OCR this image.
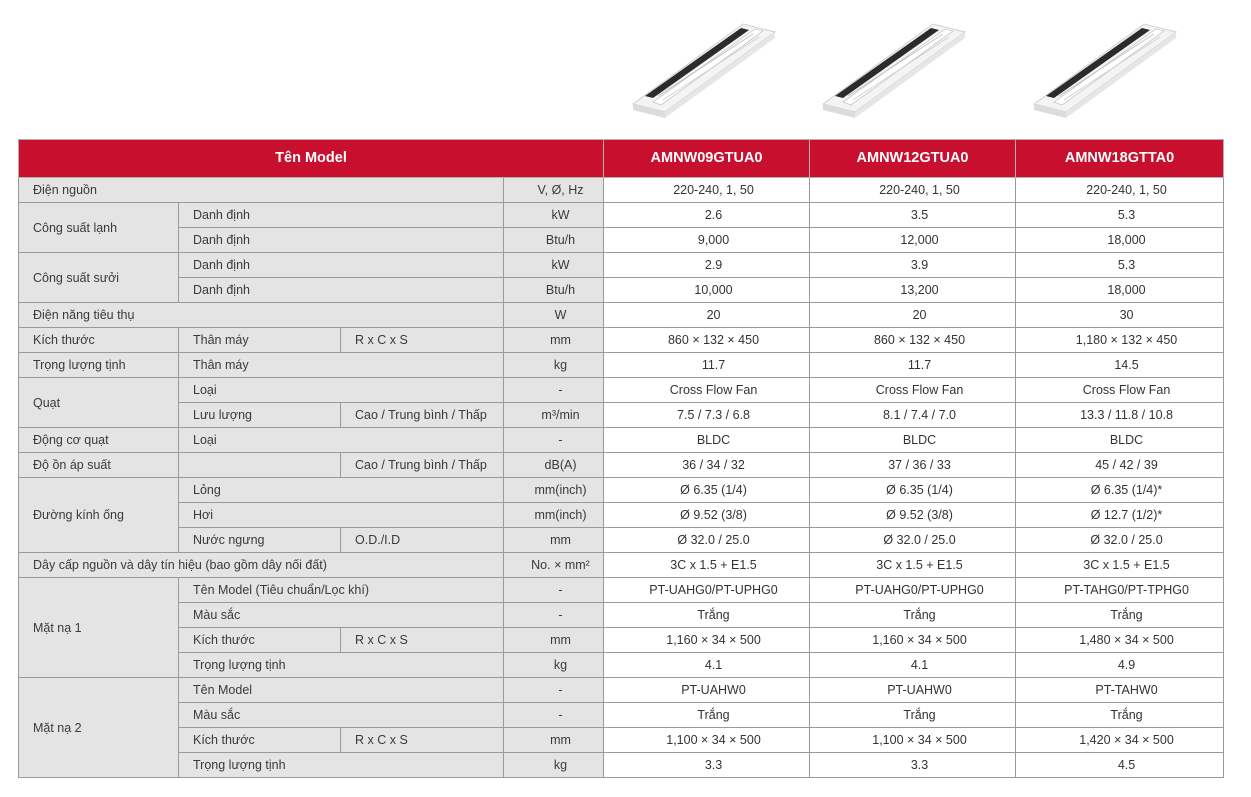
Tên Model				AMNW09GTUA0	AMNW12GTUA0	AMNW18GTTA0
Điện nguồn			V, Ø, Hz	220-240, 1, 50	220-240, 1, 50	220-240, 1, 50
Công suất lạnh	Danh định		kW	2.6	3.5	5.3
	Danh định		Btu/h	9,000	12,000	18,000
Công suất sưởi	Danh định		kW	2.9	3.9	5.3
	Danh định		Btu/h	10,000	13,200	18,000
Điện năng tiêu thụ			W	20	20	30
Kích thước	Thân máy	R x C x S	mm	860 × 132 × 450	860 × 132 × 450	1,180 × 132 × 450
Trọng lượng tịnh	Thân máy		kg	11.7	11.7	14.5
Quạt	Loại		-	Cross Flow Fan	Cross Flow Fan	Cross Flow Fan
	Lưu lượng	Cao / Trung bình / Thấp	m³/min	7.5 / 7.3 / 6.8	8.1 / 7.4 / 7.0	13.3 / 11.8 / 10.8
Động cơ quạt	Loại		-	BLDC	BLDC	BLDC
Độ ồn áp suất		Cao / Trung bình / Thấp	dB(A)	36 / 34 / 32	37 / 36 / 33	45 / 42 / 39
Đường kính ống	Lỏng		mm(inch)	Ø 6.35 (1/4)	Ø 6.35 (1/4)	Ø 6.35 (1/4)*
	Hơi		mm(inch)	Ø 9.52 (3/8)	Ø 9.52 (3/8)	Ø 12.7 (1/2)*
	Nước ngưng	O.D./I.D	mm	Ø 32.0 / 25.0	Ø 32.0 / 25.0	Ø 32.0 / 25.0
Dây cấp nguồn và dây tín hiệu (bao gồm dây nối đất)			No. × mm²	3C x 1.5 + E1.5	3C x 1.5 + E1.5	3C x 1.5 + E1.5
Mặt nạ 1	Tên Model (Tiêu chuẩn/Lọc khí)		-	PT-UAHG0/PT-UPHG0	PT-UAHG0/PT-UPHG0	PT-TAHG0/PT-TPHG0
	Màu sắc		-	Trắng	Trắng	Trắng
	Kích thước	R x C x S	mm	1,160 × 34 × 500	1,160 × 34 × 500	1,480 × 34 × 500
	Trọng lượng tịnh		kg	4.1	4.1	4.9
Mặt nạ 2	Tên Model		-	PT-UAHW0	PT-UAHW0	PT-TAHW0
	Màu sắc		-	Trắng	Trắng	Trắng
	Kích thước	R x C x S	mm	1,100 × 34 × 500	1,100 × 34 × 500	1,420 × 34 × 500
	Trọng lượng tịnh		kg	3.3	3.3	4.5
